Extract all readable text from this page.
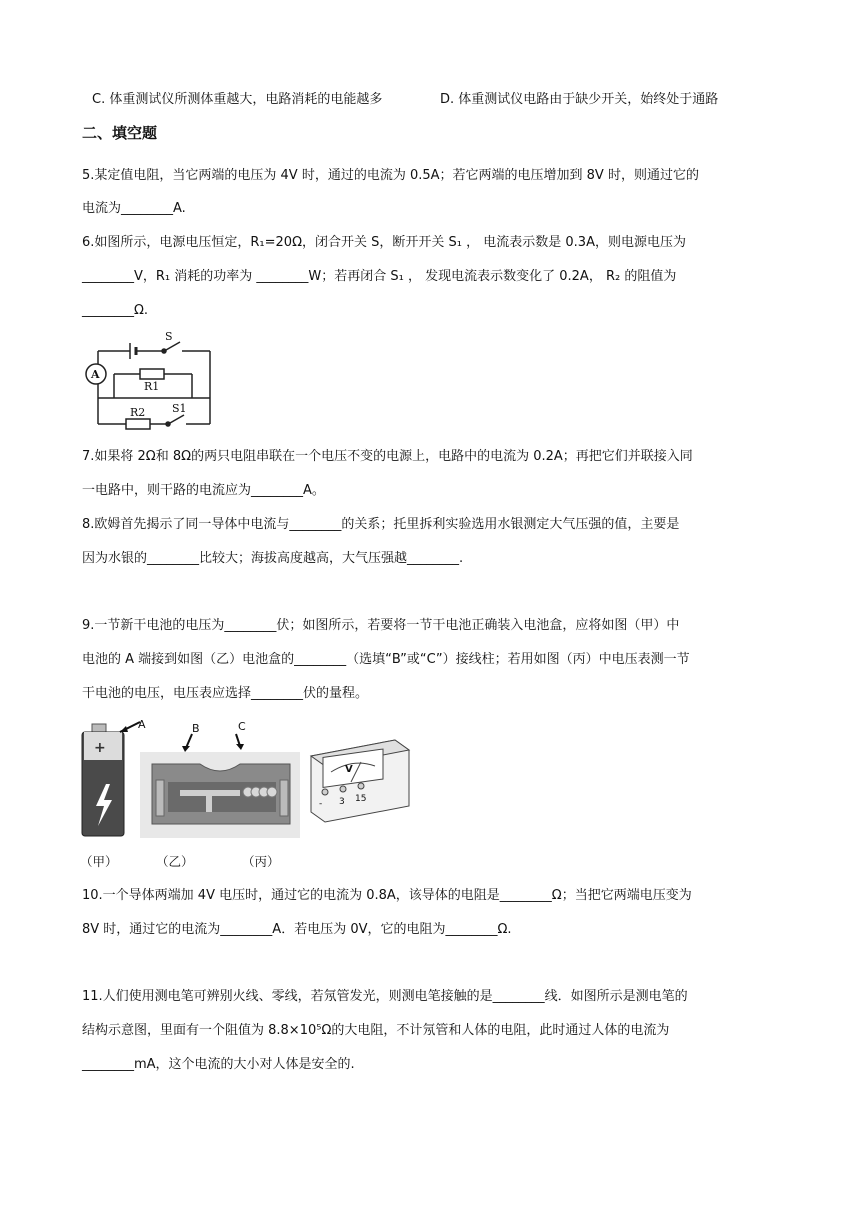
C. 体重测试仪所测体重越大，电路消耗的电能越多	D. 体重测试仪电路由于缺少开关，始终处于通路
二、填空题
5.某定值电阻，当它两端的电压为 4V 时，通过的电流为 0.5A；若它两端的电压增加到 8V 时，则通过它的
电流为________A.
6.如图所示，电源电压恒定，R₁=20Ω，闭合开关 S，断开开关 S₁ ， 电流表示数是 0.3A，则电源电压为
________V，R₁ 消耗的功率为 ________W；若再闭合 S₁ ， 发现电流表示数变化了 0.2A， R₂ 的阻值为
________Ω.
S
A
R1
R2 S1
7.如果将 2Ω和 8Ω的两只电阻串联在一个电压不变的电源上，电路中的电流为 0.2A；再把它们并联接入同
一电路中，则干路的电流应为________A。
8.欧姆首先揭示了同一导体中电流与________的关系；托里拆利实验选用水银测定大气压强的值，主要是
因为水银的________比较大；海拔高度越高，大气压强越________.
9.一节新干电池的电压为________伏；如图所示，若要将一节干电池正确装入电池盒，应将如图（甲）中
电池的 A 端接到如图（乙）电池盒的________（选填“B”或“C”）接线柱；若用如图（丙）中电压表测一节
干电池的电压，电压表应选择________伏的量程。
+
A	B	C
V
- 3 15
（甲）	（乙）	（丙）
10.一个导体两端加 4V 电压时，通过它的电流为 0.8A，该导体的电阻是________Ω；当把它两端电压变为
8V 时，通过它的电流为________A．若电压为 0V，它的电阻为________Ω.
11.人们使用测电笔可辨别火线、零线，若氖管发光，则测电笔接触的是________线．如图所示是测电笔的
结构示意图，里面有一个阻值为 8.8×10⁵Ω的大电阻，不计氖管和人体的电阻，此时通过人体的电流为
________mA，这个电流的大小对人体是安全的.
